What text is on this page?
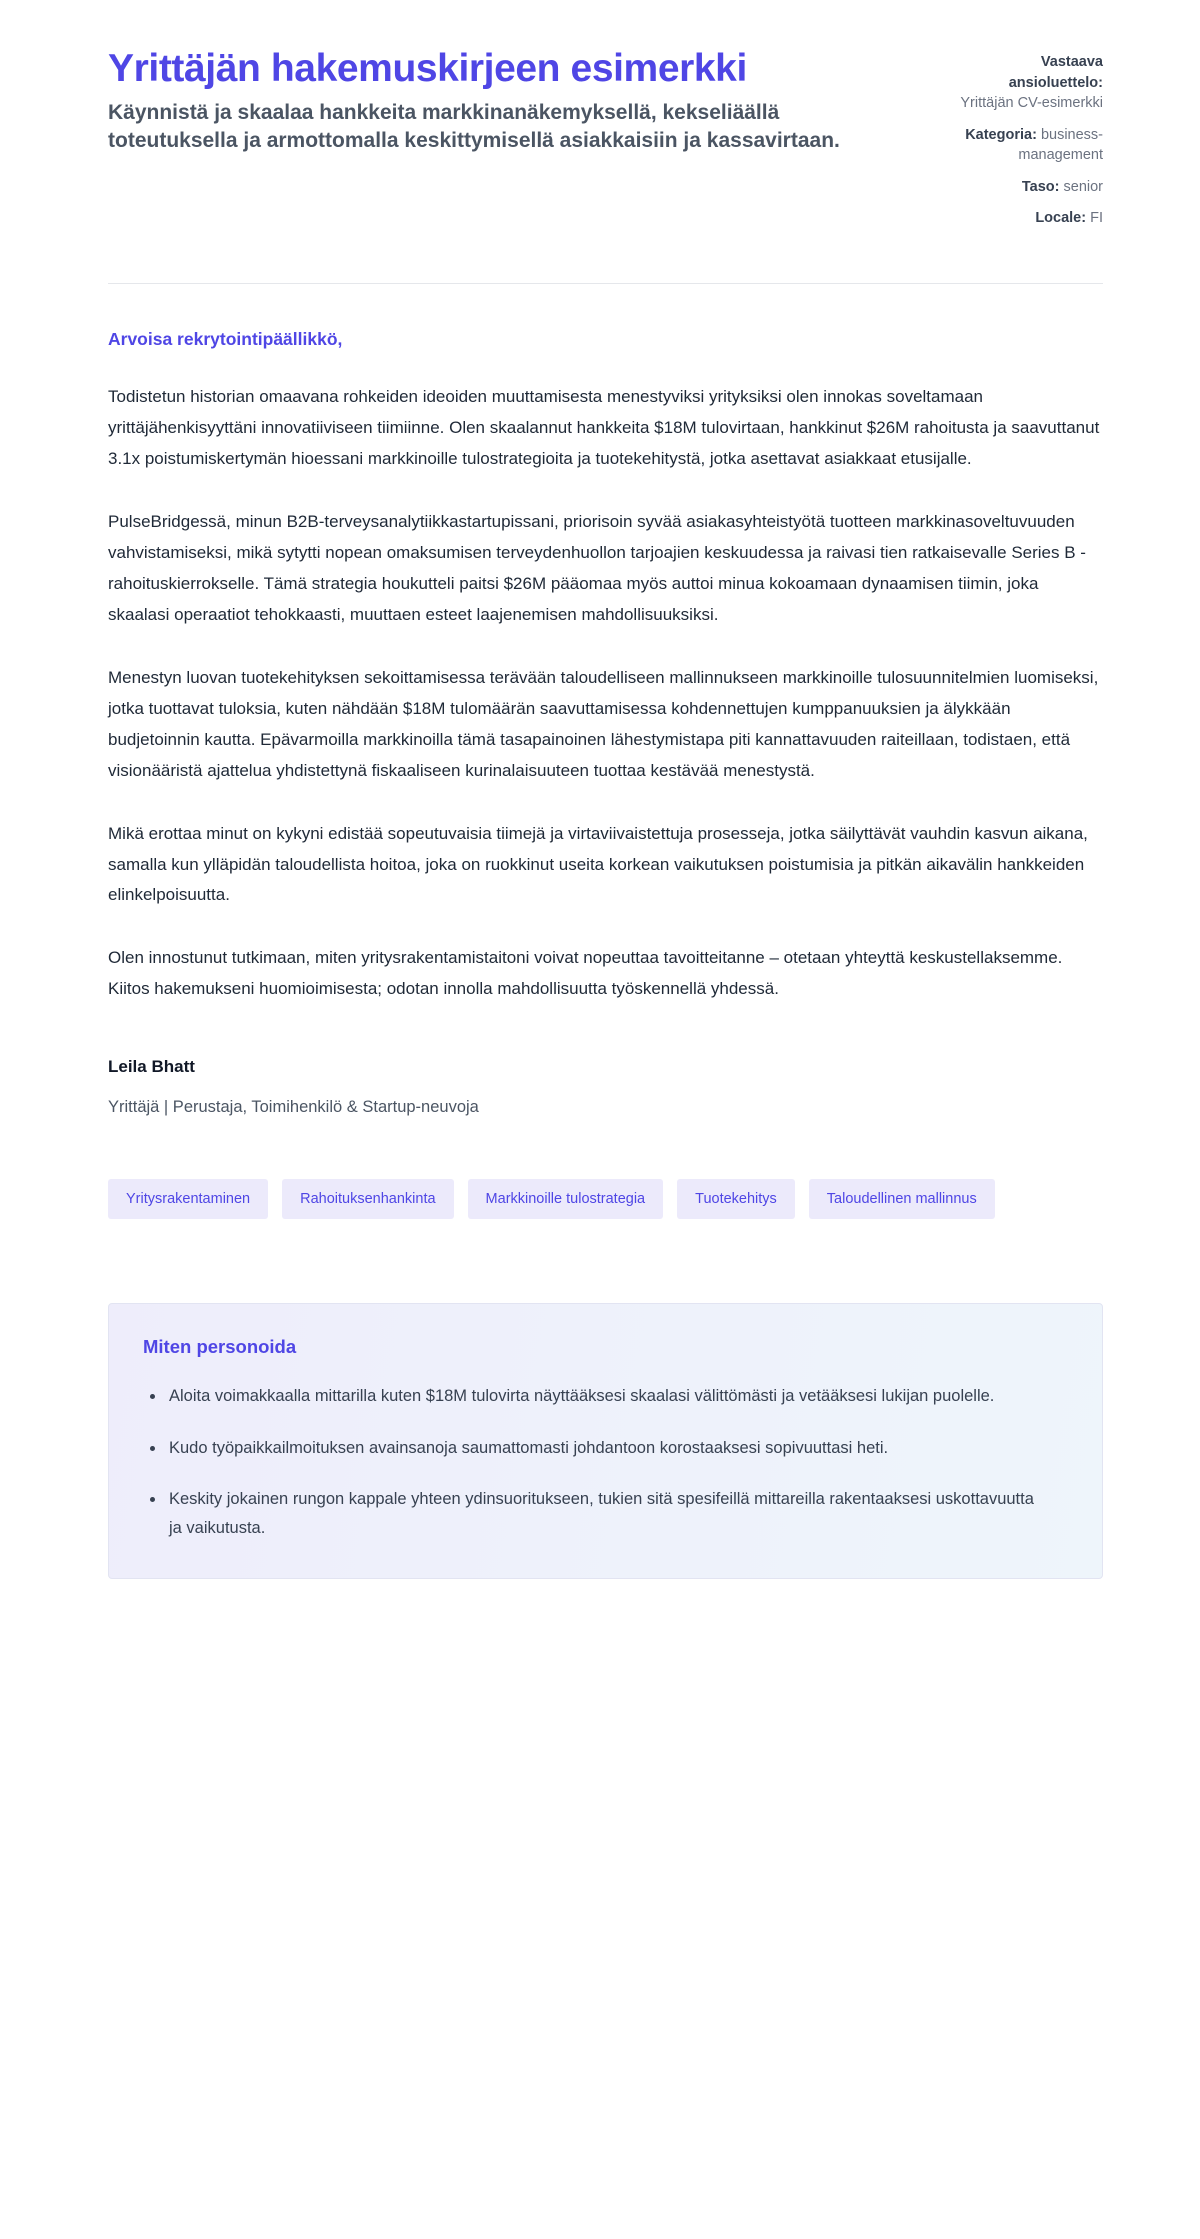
Yrittäjän hakemuskirjeen esimerkki

Käynnistä ja skaalaa hankkeita markkinanäkemyksellä, kekseliäällä toteutuksella ja armottomalla keskittymisellä asiakkaisiin ja kassavirtaan.

Vastaava ansioluettelo: Yrittäjän CV-esimerkki
Kategoria: business-management
Taso: senior
Locale: FI

Arvoisa rekrytointipäällikkö,

Todistetun historian omaavana rohkeiden ideoiden muuttamisesta menestyviksi yrityksiksi olen innokas soveltamaan yrittäjähenkisyyttäni innovatiiviseen tiimiinne. Olen skaalannut hankkeita $18M tulovirtaan, hankkinut $26M rahoitusta ja saavuttanut 3.1x poistumiskertymän hioessani markkinoille tulostrategioita ja tuotekehitystä, jotka asettavat asiakkaat etusijalle.

PulseBridgessä, minun B2B-terveysanalytiikkastartupissani, priorisoin syvää asiakasyhteistyötä tuotteen markkinasoveltuvuuden vahvistamiseksi, mikä sytytti nopean omaksumisen terveydenhuollon tarjoajien keskuudessa ja raivasi tien ratkaisevalle Series B -rahoituskierrokselle. Tämä strategia houkutteli paitsi $26M pääomaa myös auttoi minua kokoamaan dynaamisen tiimin, joka skaalasi operaatiot tehokkaasti, muuttaen esteet laajenemisen mahdollisuuksiksi.

Menestyn luovan tuotekehityksen sekoittamisessa terävään taloudelliseen mallinnukseen markkinoille tulosuunnitelmien luomiseksi, jotka tuottavat tuloksia, kuten nähdään $18M tulomäärän saavuttamisessa kohdennettujen kumppanuuksien ja älykkään budjetoinnin kautta. Epävarmoilla markkinoilla tämä tasapainoinen lähestymistapa piti kannattavuuden raiteillaan, todistaen, että visionääristä ajattelua yhdistettynä fiskaaliseen kurinalaisuuteen tuottaa kestävää menestystä.

Mikä erottaa minut on kykyni edistää sopeutuvaisia tiimejä ja virtaviivaistettuja prosesseja, jotka säilyttävät vauhdin kasvun aikana, samalla kun ylläpidän taloudellista hoitoa, joka on ruokkinut useita korkean vaikutuksen poistumisia ja pitkän aikavälin hankkeiden elinkelpoisuutta.

Olen innostunut tutkimaan, miten yritysrakentamistaitoni voivat nopeuttaa tavoitteitanne – otetaan yhteyttä keskustellaksemme. Kiitos hakemukseni huomioimisesta; odotan innolla mahdollisuutta työskennellä yhdessä.

Leila Bhatt

Yrittäjä | Perustaja, Toimihenkilö & Startup-neuvoja

Yritysrakentaminen	Rahoituksenhankinta	Markkinoille tulostrategia	Tuotekehitys	Taloudellinen mallinnus

Miten personoida

Aloita voimakkaalla mittarilla kuten $18M tulovirta näyttääksesi skaalasi välittömästi ja vetääksesi lukijan puolelle.
Kudo työpaikkailmoituksen avainsanoja saumattomasti johdantoon korostaaksesi sopivuuttasi heti.
Keskity jokainen rungon kappale yhteen ydinsuoritukseen, tukien sitä spesifeillä mittareilla rakentaaksesi uskottavuutta ja vaikutusta.
